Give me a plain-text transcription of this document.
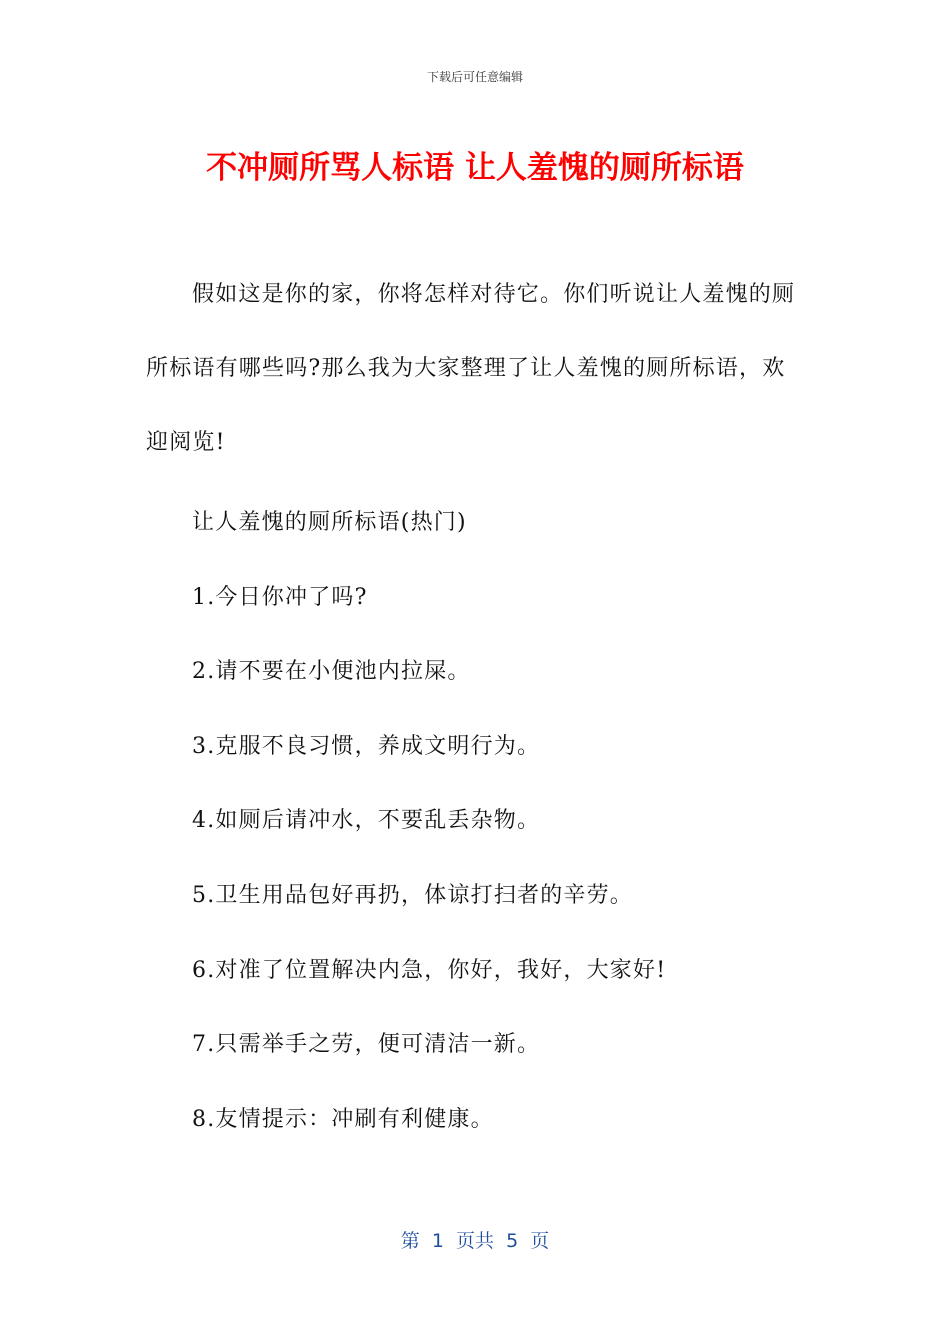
下载后可任意编辑
不冲厕所骂人标语 让人羞愧的厕所标语
假如这是你的家，你将怎样对待它。你们听说让人羞愧的厕所标语有哪些吗?那么我为大家整理了让人羞愧的厕所标语，欢迎阅览!
让人羞愧的厕所标语(热门)
1.今日你冲了吗?
2.请不要在小便池内拉屎。
3.克服不良习惯，养成文明行为。
4.如厕后请冲水，不要乱丢杂物。
5.卫生用品包好再扔，体谅打扫者的辛劳。
6.对准了位置解决内急，你好，我好，大家好!
7.只需举手之劳，便可清洁一新。
8.友情提示：冲刷有利健康。
第  1  页共  5  页
